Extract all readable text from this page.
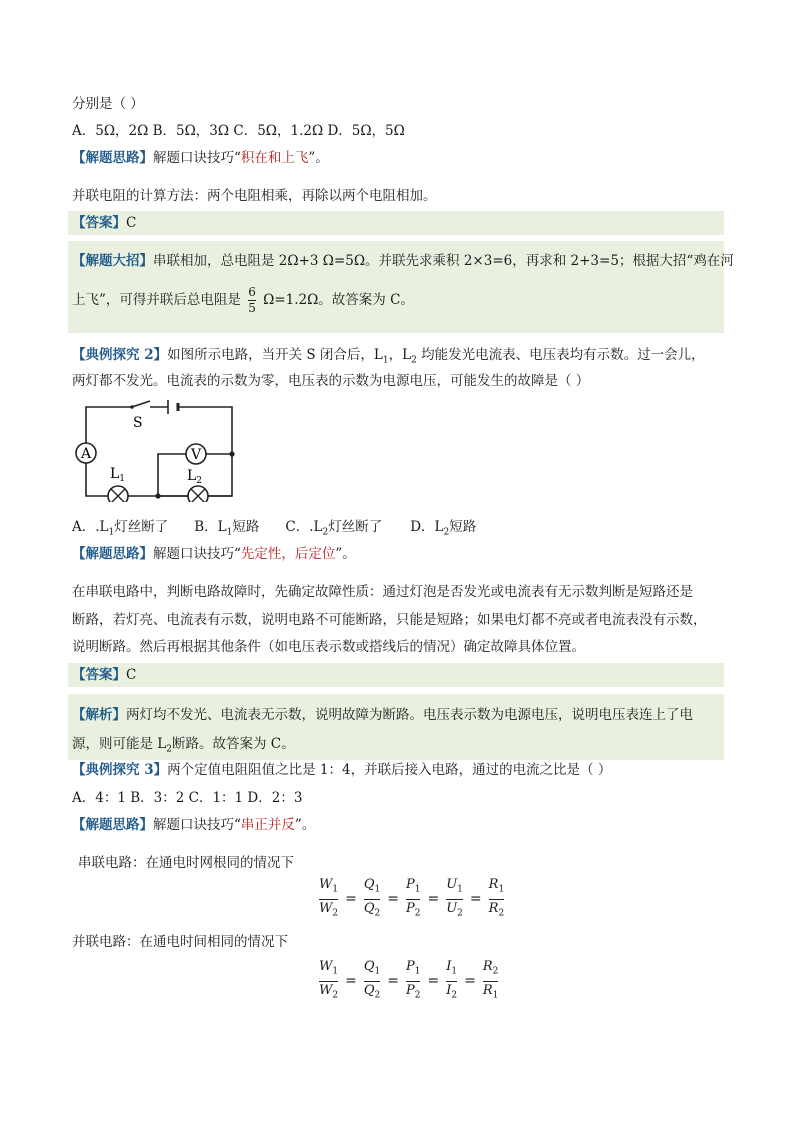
分别是（ ）
A．5Ω，2Ω B．5Ω，3Ω C．5Ω，1.2Ω D．5Ω，5Ω
【解题思路】解题口诀技巧“积在和上飞”。
并联电阻的计算方法：两个电阻相乘，再除以两个电阻相加。
【答案】C
【解题大招】串联相加，总电阻是 2Ω+3 Ω=5Ω。并联先求乘积 2×3=6，再求和 2+3=5；根据大招“鸡在河
上飞”，可得并联后总电阻是 $\frac{6}{5} \Omega=1.2\Omega$。故答案为 C。
【典例探究 2】如图所示电路，当开关 S 闭合后，$L_1$，$L_2$ 均能发光电流表、电压表均有示数。过一会儿，
两灯都不发光。电流表的示数为零，电压表的示数为电源电压，可能发生的故障是（ ）
A	V
S
$L_1$	$L_2$
A．$.L_1$灯丝断了 B．$L_1$短路 C．$.L_2$灯丝断了 D．$L_2$短路
【解题思路】解题口诀技巧“先定性，后定位”。
在串联电路中，判断电路故障时，先确定故障性质：通过灯泡是否发光或电流表有无示数判断是短路还是
断路，若灯亮、电流表有示数，说明电路不可能断路，只能是短路；如果电灯都不亮或者电流表没有示数，
说明断路。然后再根据其他条件（如电压表示数或搭线后的情况）确定故障具体位置。
【答案】C
【解析】两灯均不发光、电流表无示数，说明故障为断路。电压表示数为电源电压，说明电压表连上了电
源，则可能是 $L_2$断路。故答案为 C。
【典例探究 3】两个定值电阻阻值之比是 1：4，并联后接入电路，通过的电流之比是（ ）
A．4：1 B．3：2 C．1：1 D．2：3
【解题思路】解题口诀技巧“串正并反”。
串联电路：在通电时网根同的情况下
$\frac{W_1}{W_2} = \frac{Q_1}{Q_2} = \frac{P_1}{P_2} = \frac{U_1}{U_2} = \frac{R_1}{R_2}$
并联电路：在通电时间相同的情况下
$\frac{W_1}{W_2} = \frac{Q_1}{Q_2} = \frac{P_1}{P_2} = \frac{I_1}{I_2} = \frac{R_2}{R_1}$
